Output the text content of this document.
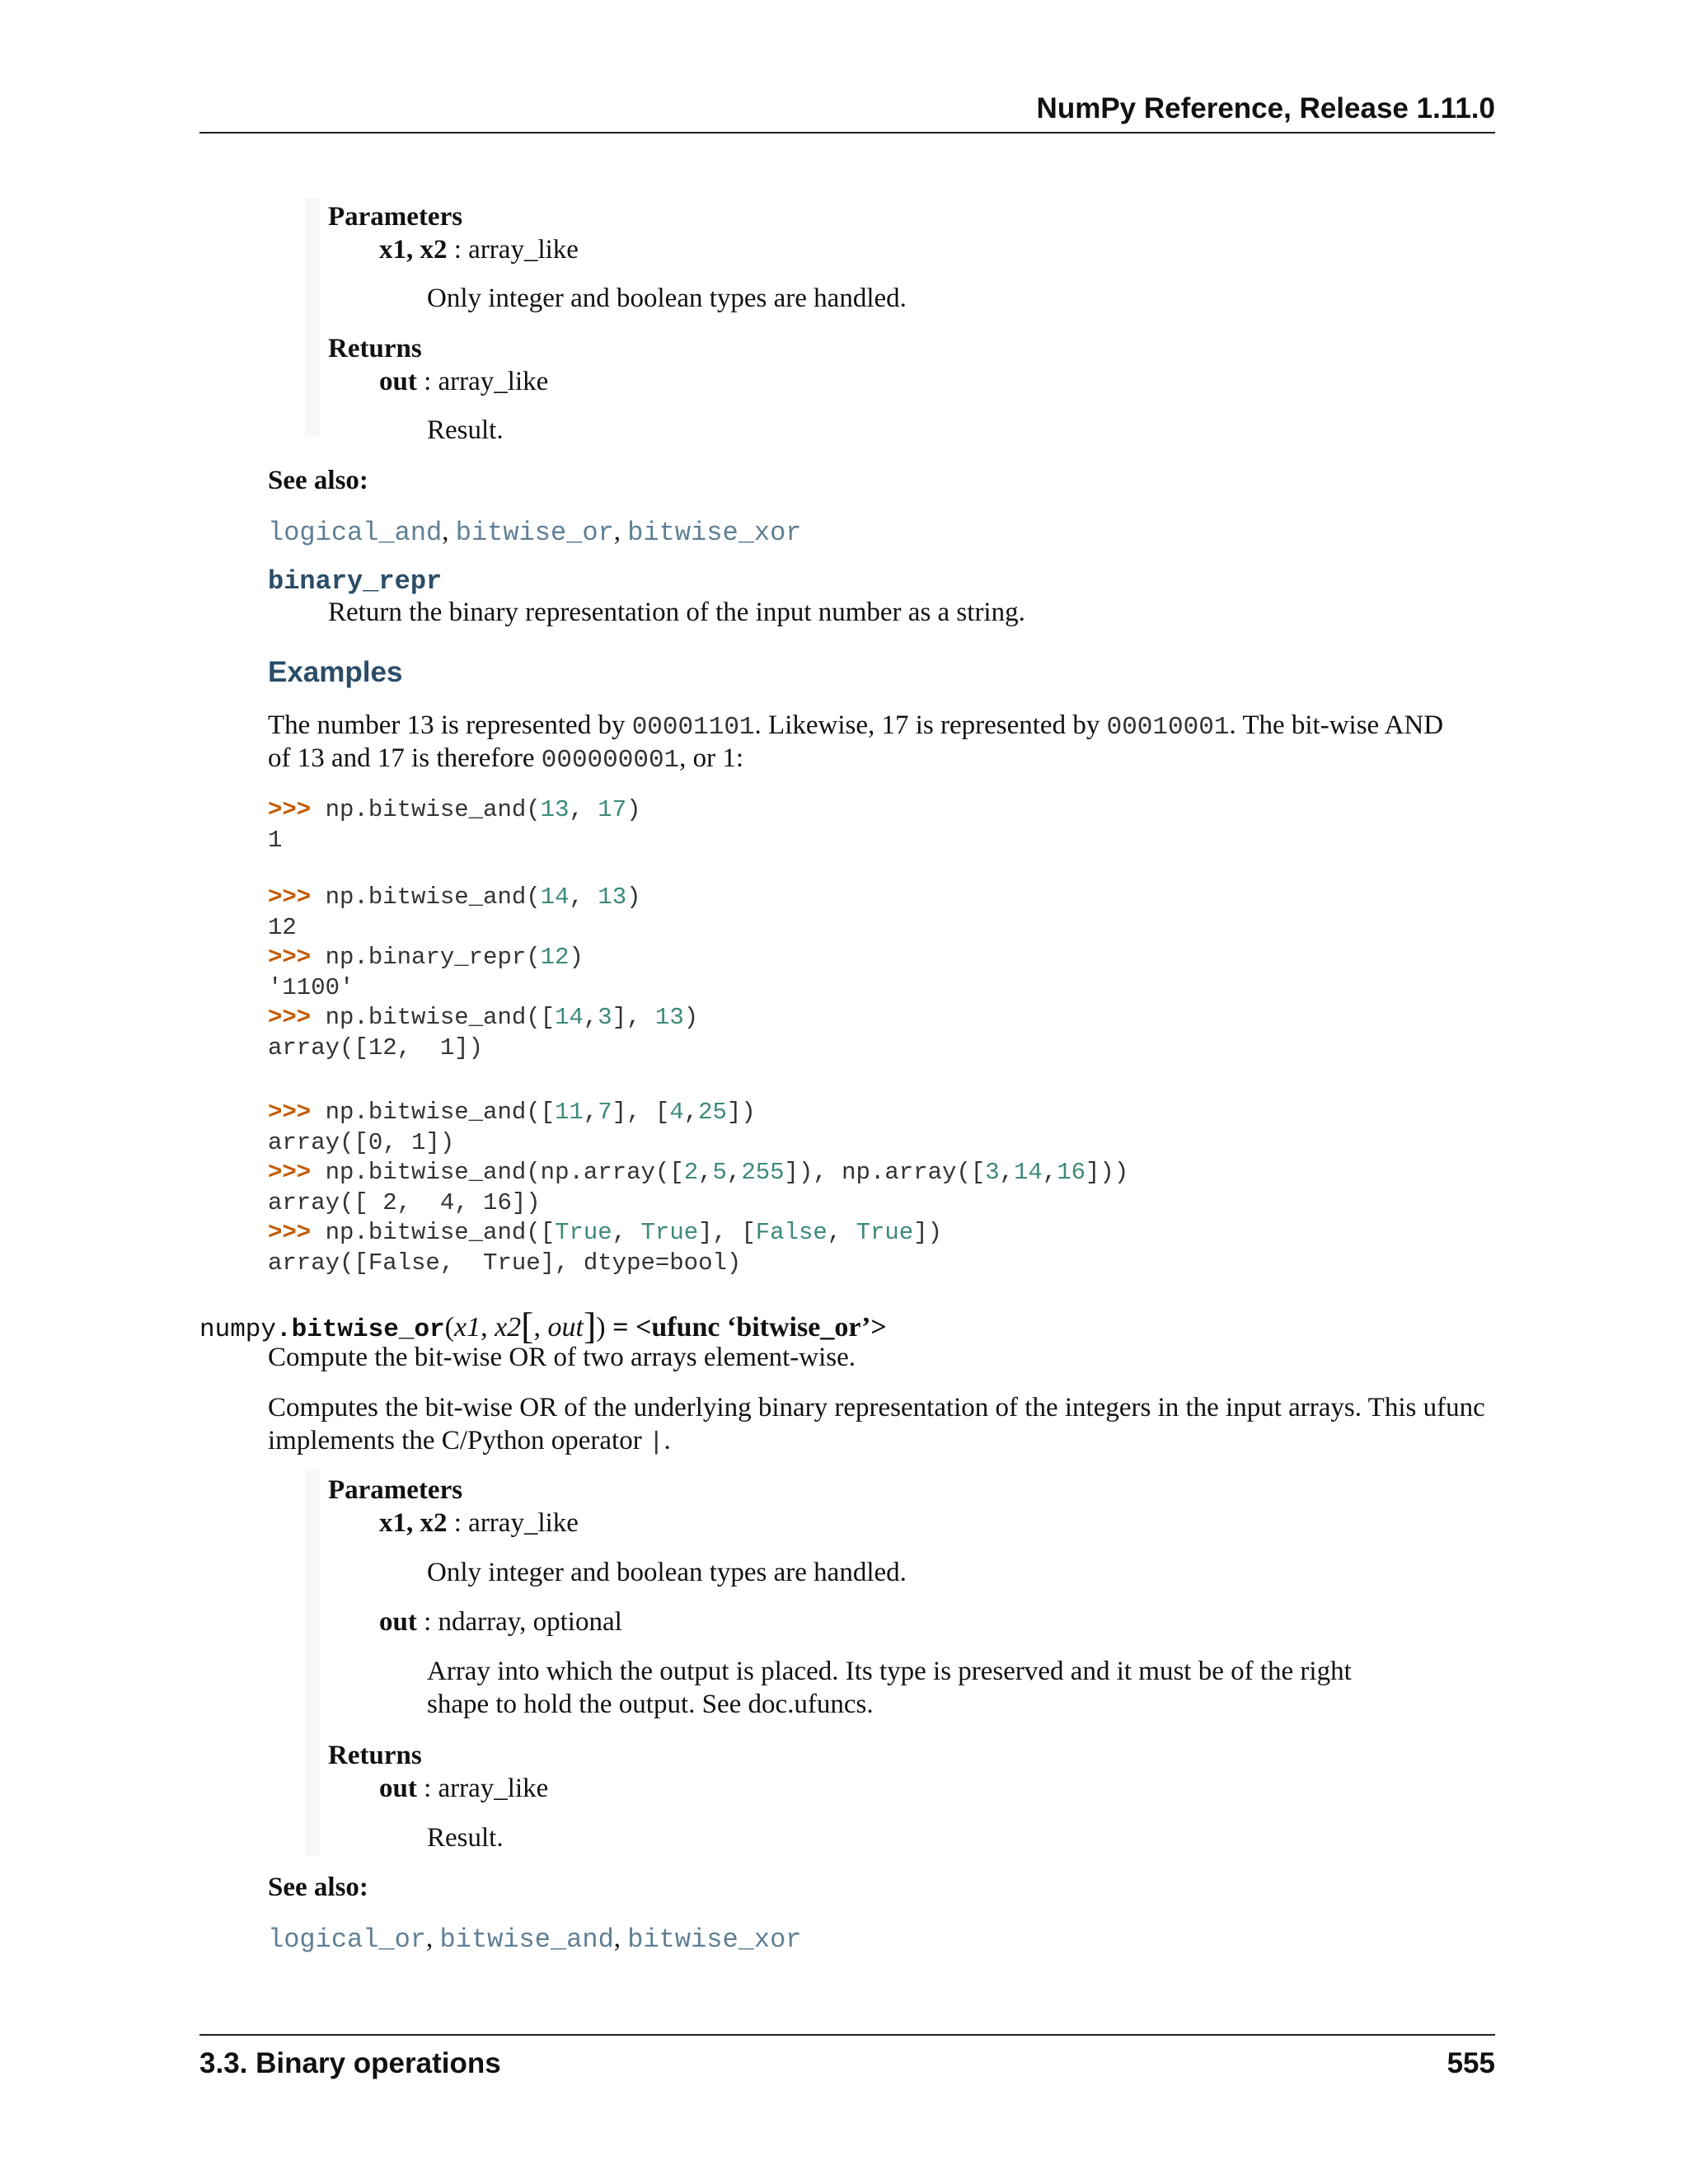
NumPy Reference, Release 1.11.0
Parameters
x1, x2 : array_like
Only integer and boolean types are handled.
Returns
out : array_like
Result.
See also:
logical_and, bitwise_or, bitwise_xor
binary_repr
Return the binary representation of the input number as a string.
Examples
The number 13 is represented by 00001101. Likewise, 17 is represented by 00010001. The bit-wise AND
of 13 and 17 is therefore 000000001, or 1:
>>> np.bitwise_and(13, 17)
1
>>> np.bitwise_and(14, 13)
12
>>> np.binary_repr(12)
'1100'
>>> np.bitwise_and([14,3], 13)
array([12,  1])
>>> np.bitwise_and([11,7], [4,25])
array([0, 1])
>>> np.bitwise_and(np.array([2,5,255]), np.array([3,14,16]))
array([ 2,  4, 16])
>>> np.bitwise_and([True, True], [False, True])
array([False,  True], dtype=bool)
numpy.bitwise_or(x1, x2[, out]) = <ufunc ‘bitwise_or’>
Compute the bit-wise OR of two arrays element-wise.
Computes the bit-wise OR of the underlying binary representation of the integers in the input arrays. This ufunc
implements the C/Python operator |.
Parameters
x1, x2 : array_like
Only integer and boolean types are handled.
out : ndarray, optional
Array into which the output is placed. Its type is preserved and it must be of the right
shape to hold the output. See doc.ufuncs.
Returns
out : array_like
Result.
See also:
logical_or, bitwise_and, bitwise_xor
3.3. Binary operations	555
